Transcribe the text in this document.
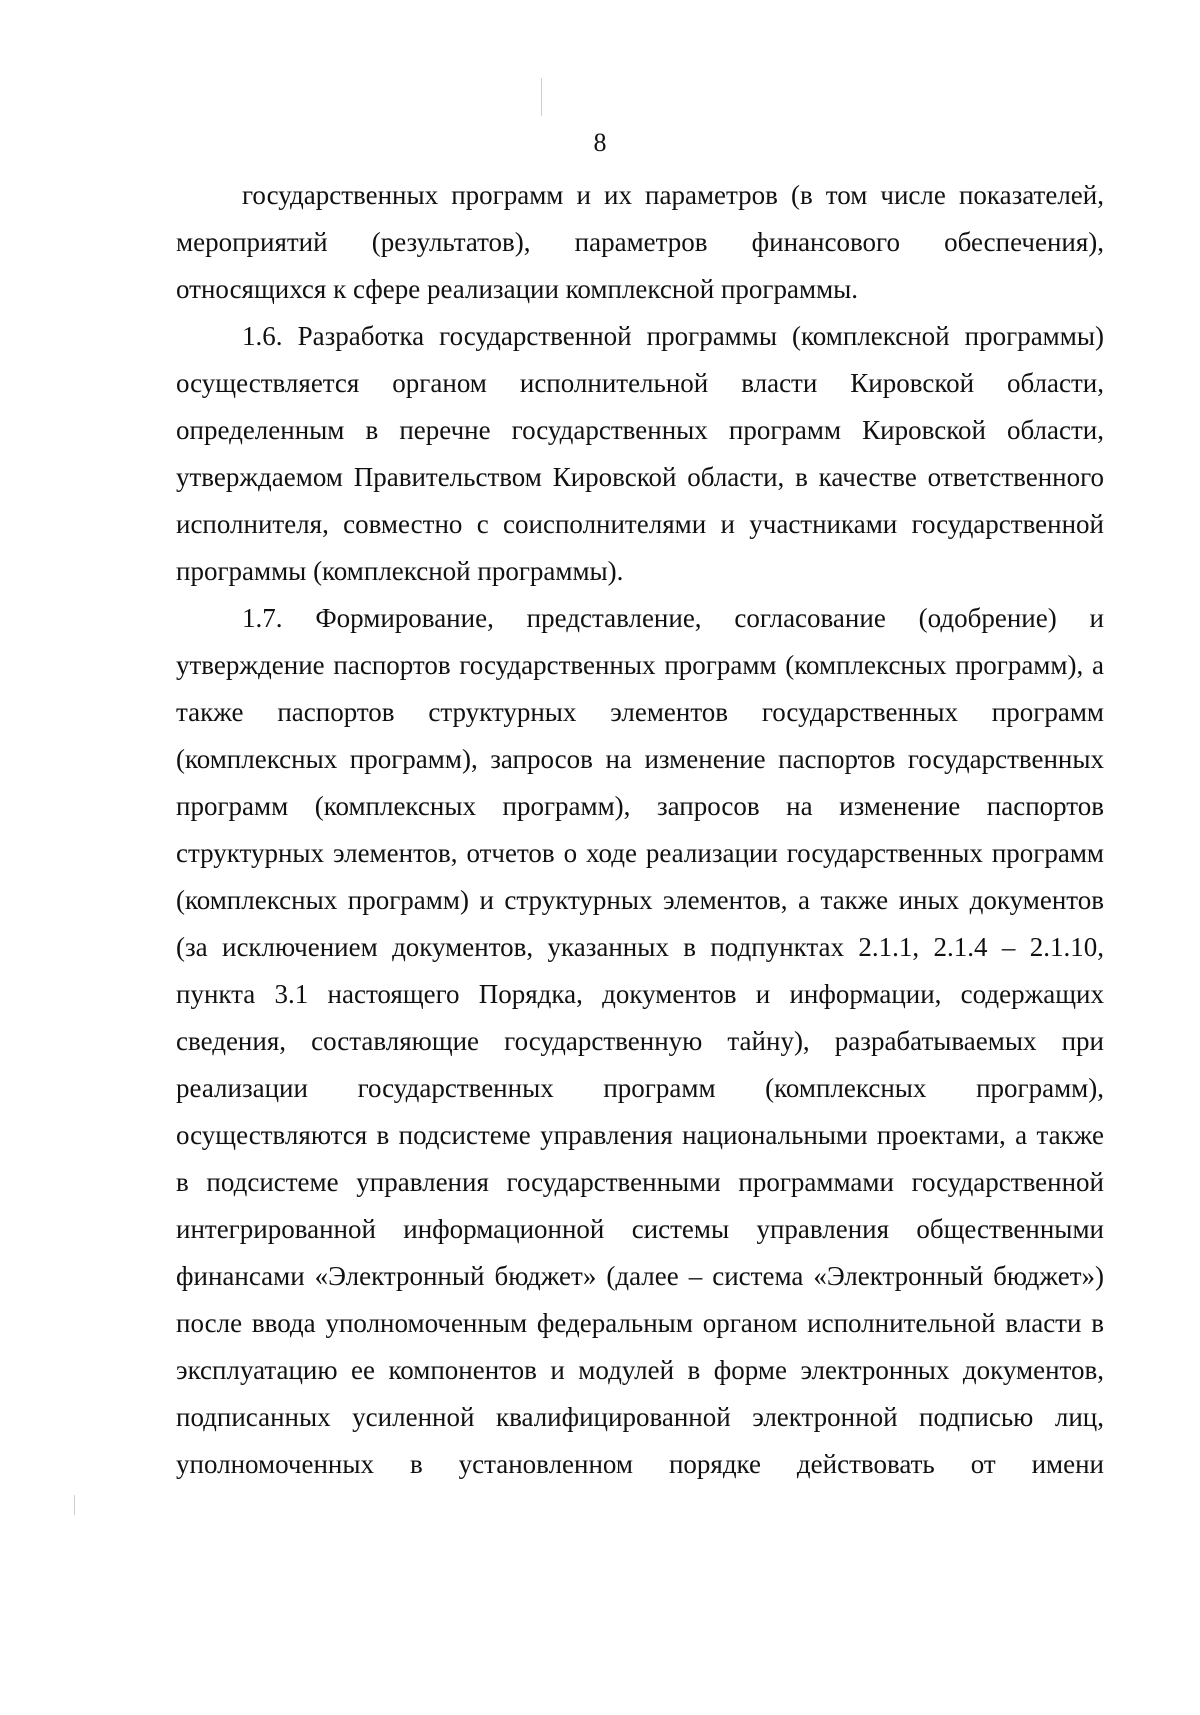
8

государственных программ и их параметров (в том числе показателей,
мероприятий (результатов), параметров финансового обеспечения),
относящихся к сфере реализации комплексной программы.

1.6. Разработка государственной программы (комплексной программы)
осуществляется органом исполнительной власти Кировской области,
определенным в перечне государственных программ Кировской области,
утверждаемом Правительством Кировской области, в качестве ответственного
исполнителя, совместно с соисполнителями и участниками государственной
программы (комплексной программы).

1.7. Формирование, представление, согласование (одобрение) и
утверждение паспортов государственных программ (комплексных программ), а
также паспортов структурных элементов государственных программ
(комплексных программ), запросов на изменение паспортов государственных
программ (комплексных программ), запросов на изменение паспортов
структурных элементов, отчетов о ходе реализации государственных программ
(комплексных программ) и структурных элементов, а также иных документов
(за исключением документов, указанных в подпунктах 2.1.1, 2.1.4 – 2.1.10,
пункта 3.1 настоящего Порядка, документов и информации, содержащих
сведения, составляющие государственную тайну), разрабатываемых при
реализации государственных программ (комплексных программ),
осуществляются в подсистеме управления национальными проектами, а также
в подсистеме управления государственными программами государственной
интегрированной информационной системы управления общественными
финансами «Электронный бюджет» (далее – система «Электронный бюджет»)
после ввода уполномоченным федеральным органом исполнительной власти в
эксплуатацию ее компонентов и модулей в форме электронных документов,
подписанных усиленной квалифицированной электронной подписью лиц,
уполномоченных в установленном порядке действовать от имени
